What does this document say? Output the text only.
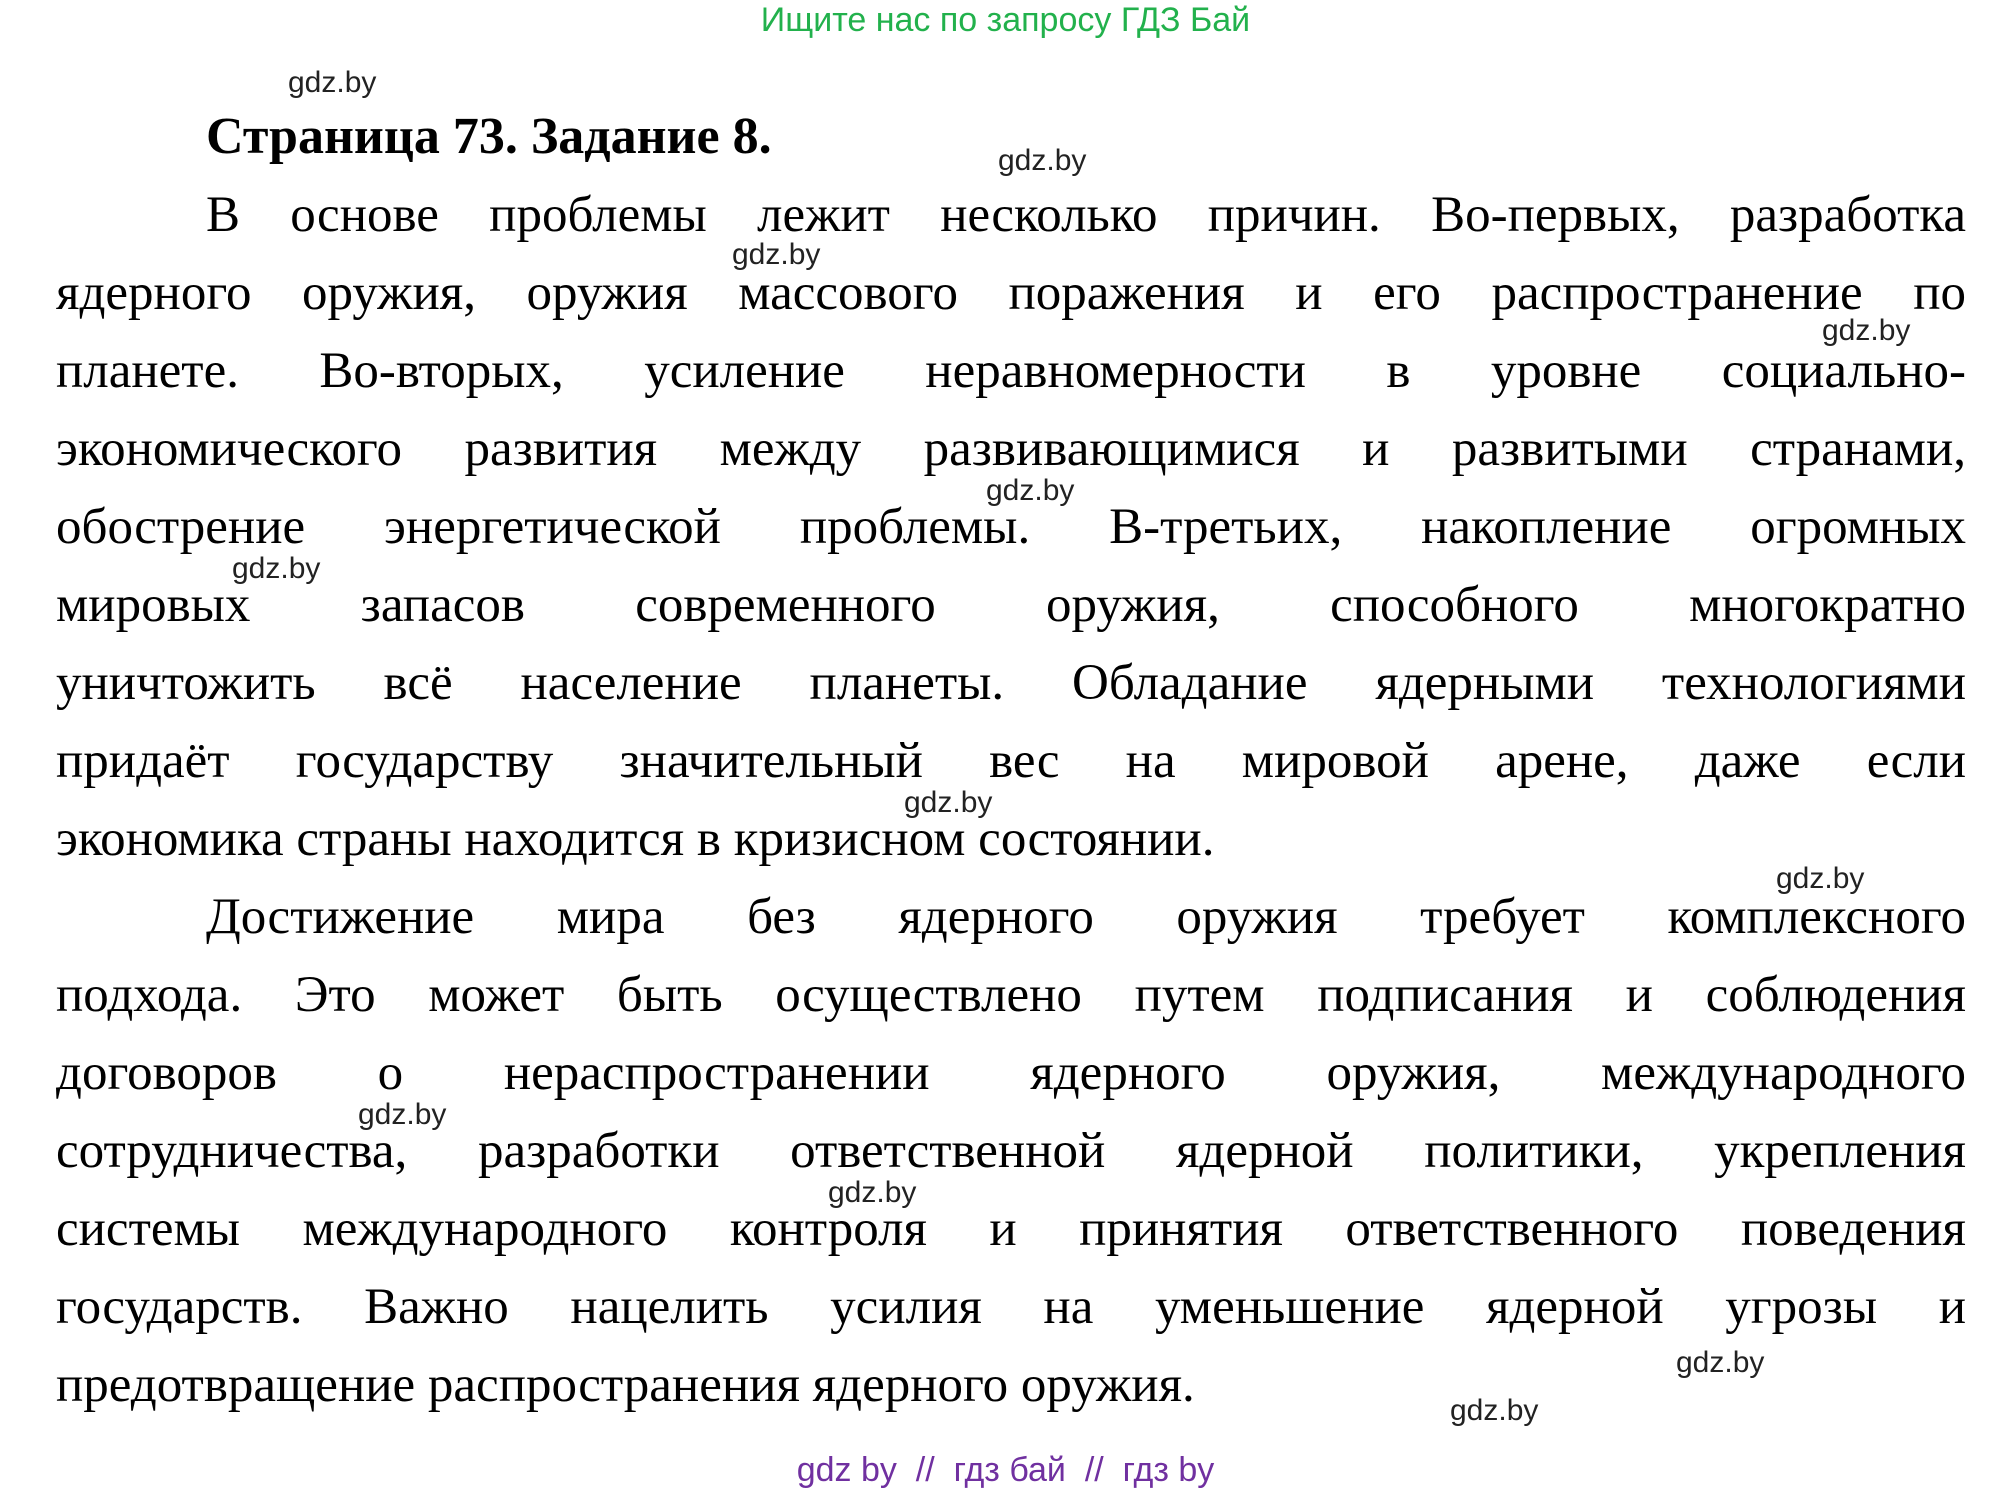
Ищите нас по запросу ГДЗ Бай
Страница 73. Задание 8.
В основе проблемы лежит несколько причин. Во-первых, разработка
ядерного оружия, оружия массового поражения и его распространение по
планете. Во-вторых, усиление неравномерности в уровне социально-
экономического развития между развивающимися и развитыми странами,
обострение энергетической проблемы. В-третьих, накопление огромных
мировых запасов современного оружия, способного многократно
уничтожить всё население планеты. Обладание ядерными технологиями
придаёт государству значительный вес на мировой арене, даже если
экономика страны находится в кризисном состоянии.
Достижение мира без ядерного оружия требует комплексного
подхода. Это может быть осуществлено путем подписания и соблюдения
договоров о нераспространении ядерного оружия, международного
сотрудничества, разработки ответственной ядерной политики, укрепления
системы международного контроля и принятия ответственного поведения
государств. Важно нацелить усилия на уменьшение ядерной угрозы и
предотвращение распространения ядерного оружия.
gdz.by
gdz.by
gdz.by
gdz.by
gdz.by
gdz.by
gdz.by
gdz.by
gdz.by
gdz.by
gdz.by
gdz.by
gdz by  //  гдз бай  //  гдз by
